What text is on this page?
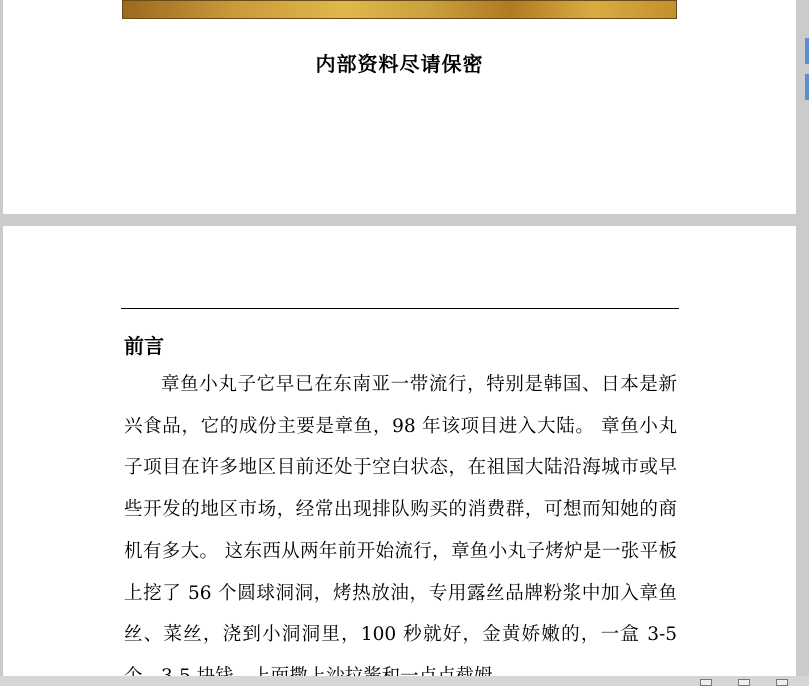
内部资料尽请保密
前言

章鱼小丸子它早已在东南亚一带流行，特别是韩国、日本是新兴食品，它的成份主要是章鱼，98 年该项目进入大陆。 章鱼小丸子项目在许多地区目前还处于空白状态，在祖国大陆沿海城市或早些开发的地区市场，经常出现排队购买的消费群，可想而知她的商机有多大。 这东西从两年前开始流行，章鱼小丸子烤炉是一张平板上挖了 56 个圆球洞洞，烤热放油，专用露丝品牌粉浆中加入章鱼丝、菜丝，浇到小洞洞里，100 秒就好，金黄娇嫩的，一盒 3-5
